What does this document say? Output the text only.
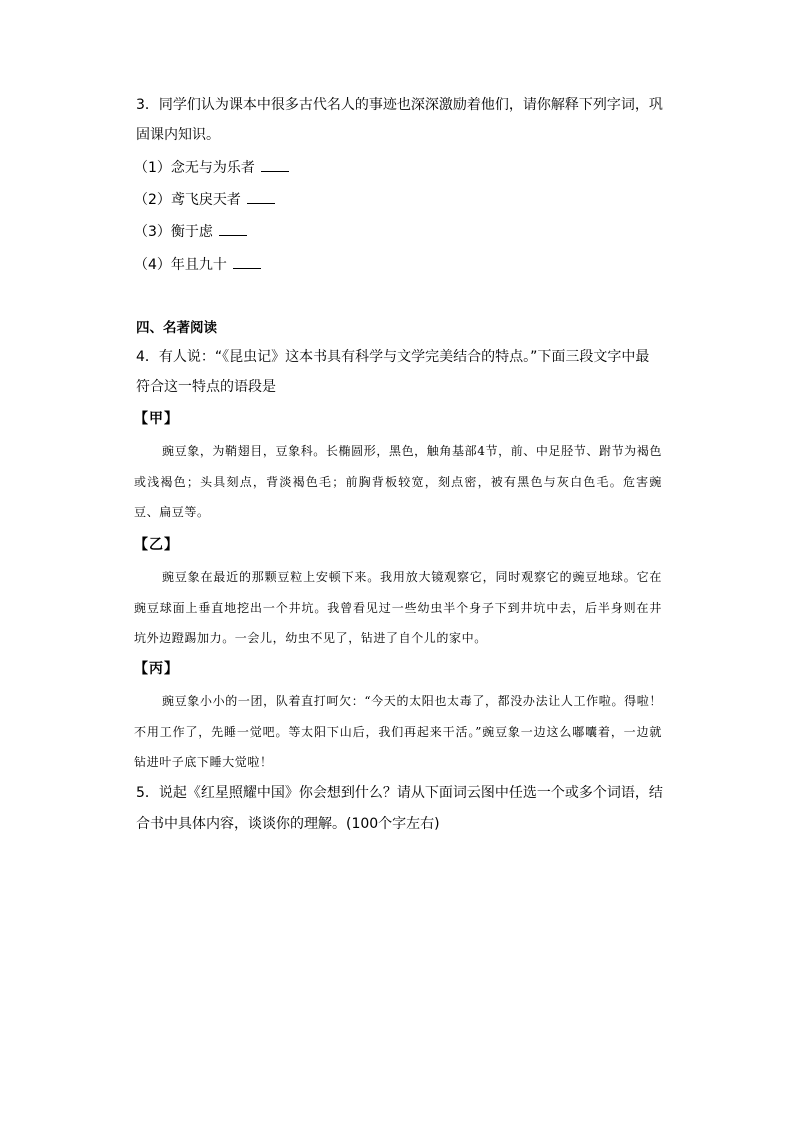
3．同学们认为课本中很多古代名人的事迹也深深激励着他们，请你解释下列字词，巩
固课内知识。
（1）念无与为乐者
（2）鸢飞戾天者
（3）衡于虑
（4）年且九十
四、名著阅读
4．有人说：“《昆虫记》这本书具有科学与文学完美结合的特点。”下面三段文字中最
符合这一特点的语段是
【甲】

豌豆象，为鞘翅目，豆象科。长椭圆形，黑色，触角基部4节，前、中足胫节、跗节为褐色或浅褐色；头具刻点，背淡褐色毛；前胸背板较宽，刻点密，被有黑色与灰白色毛。危害豌豆、扁豆等。

【乙】

豌豆象在最近的那颗豆粒上安顿下来。我用放大镜观察它，同时观察它的豌豆地球。它在豌豆球面上垂直地挖出一个井坑。我曾看见过一些幼虫半个身子下到井坑中去，后半身则在井坑外边蹬踢加力。一会儿，幼虫不见了，钻进了自个儿的家中。

【丙】

豌豆象小小的一团，队着直打呵欠：“今天的太阳也太毒了，都没办法让人工作啦。得啦！不用工作了，先睡一觉吧。等太阳下山后，我们再起来干活。”豌豆象一边这么嘟囔着，一边就钻进叶子底下睡大觉啦！

5．说起《红星照耀中国》你会想到什么？请从下面词云图中任选一个或多个词语，结
合书中具体内容，谈谈你的理解。(100个字左右)
